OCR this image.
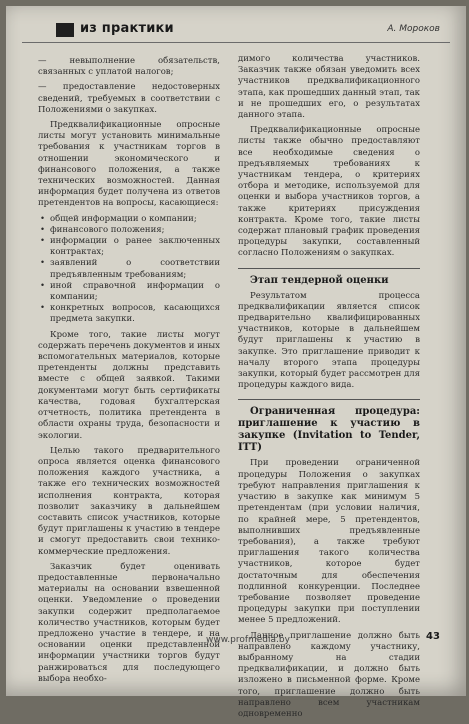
из практики	А. Мороков

— невыполнение обязательств, связанных с уплатой налогов;

— предоставление недостоверных сведений, требуемых в соответствии с Положениями о закупках.

Предквалификационные опросные листы могут установить минимальные требования к участникам торгов в отношении экономического и финансового положения, а также технических возможностей. Данная информация будет получена из ответов претендентов на вопросы, касающиеся:

• общей информации о компании;
• финансового положения;
• информации о ранее заключенных контрактах;
• заявлений о соответствии предъявленным требованиям;
• иной справочной информации о компании;
• конкретных вопросов, касающихся предмета закупки.

Кроме того, такие листы могут содержать перечень документов и иных вспомогательных материалов, которые претенденты должны представить вместе с общей заявкой. Такими документами могут быть сертификаты качества, годовая бухгалтерская отчетность, политика претендента в области охраны труда, безопасности и экологии.

Целью такого предварительного опроса является оценка финансового положения каждого участника, а также его технических возможностей исполнения контракта, которая позволит заказчику в дальнейшем составить список участников, которые будут приглашены к участию в тендере и смогут предоставить свои технико-коммерческие предложения.

Заказчик будет оценивать предоставленные первоначально материалы на основании взвешенной оценки. Уведомление о проведении закупки содержит предполагаемое количество участников, которым будет предложено участие в тендере, и на основании оценки представленной информации участники торгов будут ранжироваться для последующего выбора необхо-

димого количества участников. Заказчик также обязан уведомить всех участников предквалификационного этапа, как прошедших данный этап, так и не прошедших его, о результатах данного этапа.

Предквалификационные опросные листы также обычно предоставляют все необходимые сведения о предъявляемых требованиях к участникам тендера, о критериях отбора и методике, используемой для оценки и выбора участников торгов, а также критериях присуждения контракта. Кроме того, такие листы содержат плановый график проведения процедуры закупки, составленный согласно Положениям о закупках.

Этап тендерной оценки

Результатом процесса предквалификации является список предварительно квалифицированных участников, которые в дальнейшем будут приглашены к участию в закупке. Это приглашение приводит к началу второго этапа процедуры закупки, который будет рассмотрен для процедуры каждого вида.

Ограниченная процедура: приглашение к участию в закупке (Invitation to Tender, ITT)

При проведении ограниченной процедуры Положения о закупках требуют направления приглашения к участию в закупке как минимум 5 претендентам (при условии наличия, по крайней мере, 5 претендентов, выполнивших предъявленные требования), а также требуют приглашения такого количества участников, которое будет достаточным для обеспечения подлинной конкуренции. Последнее требование позволяет проведение процедуры закупки при поступлении менее 5 предложений.

Данное приглашение должно быть направлено каждому участнику, выбранному на стадии предквалификации, и должно быть изложено в письменной форме. Кроме того, приглашение должно быть направлено всем участникам одновременно

www.profmedia.by	43
